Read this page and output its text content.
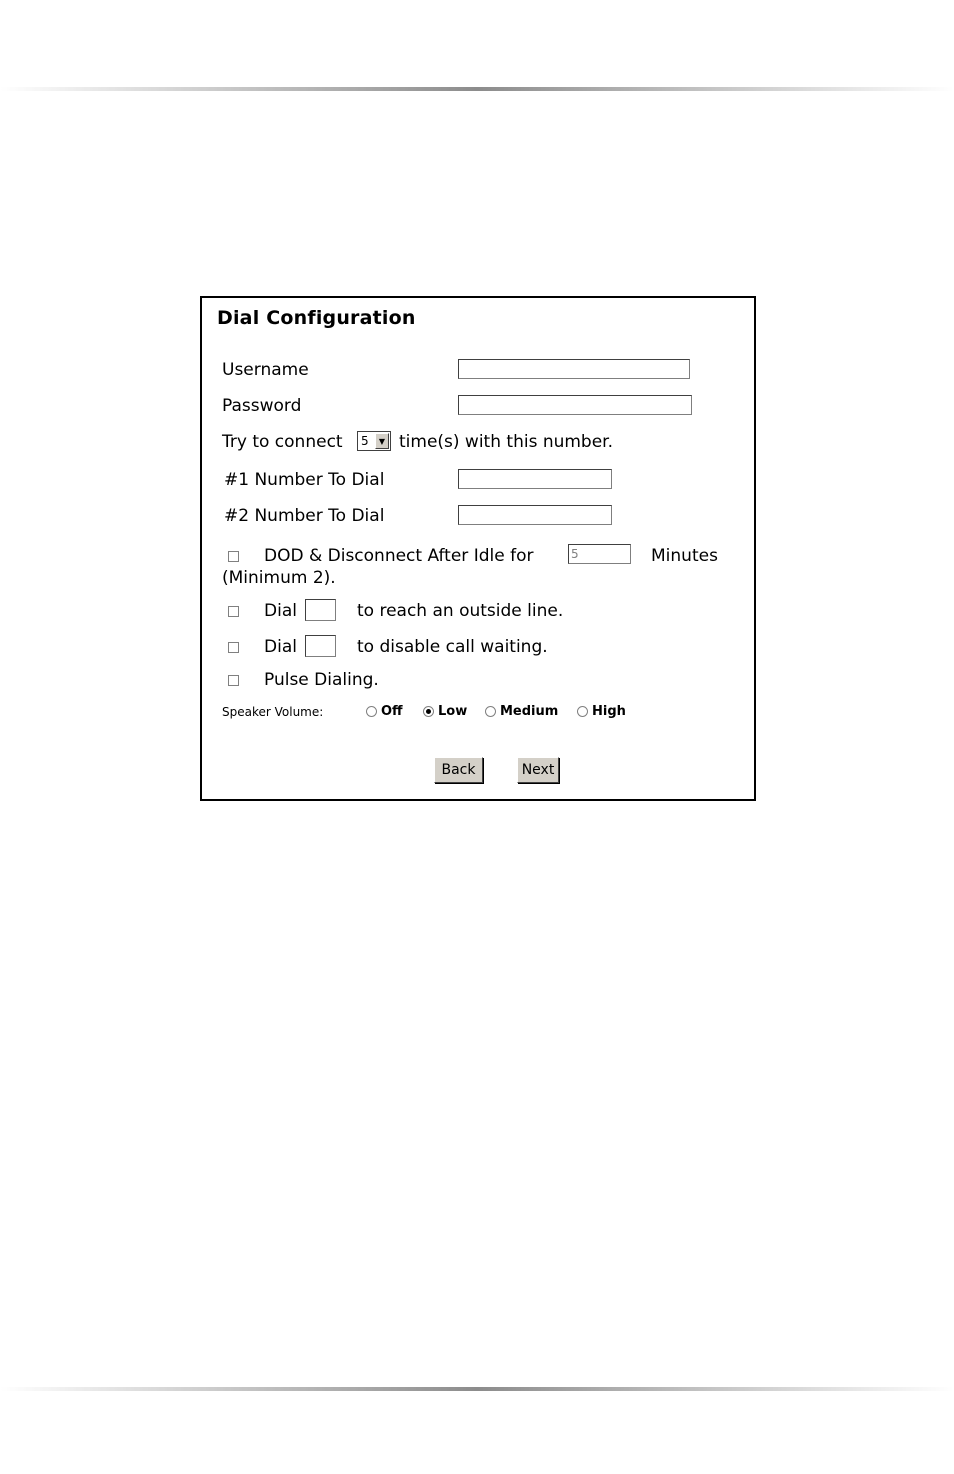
Dial Configuration
Username
Password
Try to connect 5	▼ time(s) with this number.
#1 Number To Dial
#2 Number To Dial
DOD & Disconnect After Idle for
5	Minutes
(Minimum 2).
Dial	to reach an outside line.
Dial	to disable call waiting.
Pulse Dialing.
Speaker Volume:	Off	Low	Medium	High
Back	Next
